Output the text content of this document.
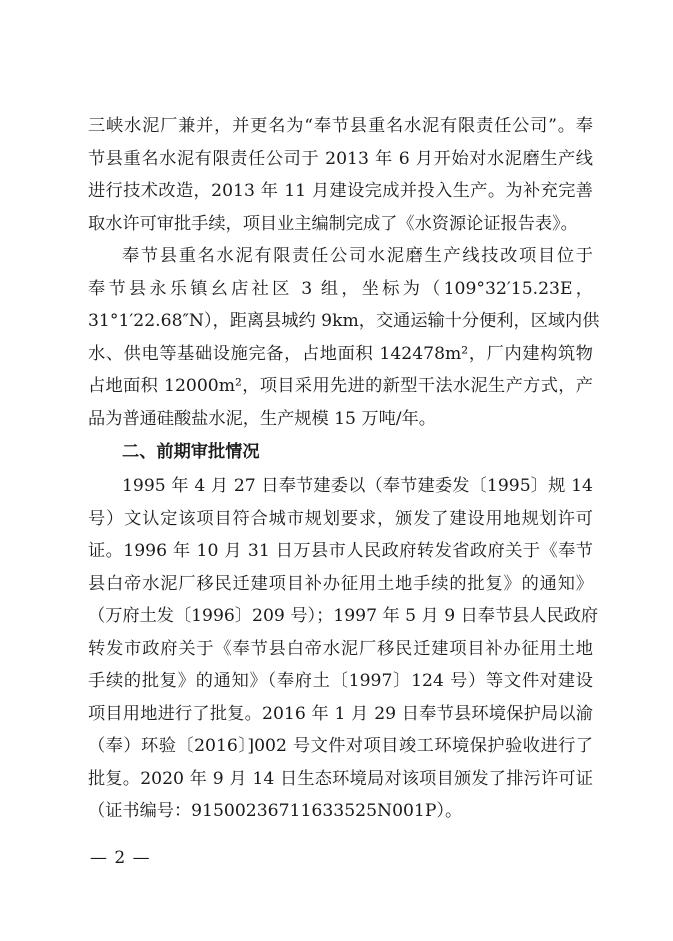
三峡水泥厂兼并，并更名为“奉节县重名水泥有限责任公司”。奉
节县重名水泥有限责任公司于 2013 年 6 月开始对水泥磨生产线
进行技术改造，2013 年 11 月建设完成并投入生产。为补充完善
取水许可审批手续，项目业主编制完成了《水资源论证报告表》。
奉节县重名水泥有限责任公司水泥磨生产线技改项目位于
奉节县永乐镇幺店社区 3 组，坐标为（109°32′15.23E，
31°1′22.68″N），距离县城约 9km，交通运输十分便利，区域内供
水、供电等基础设施完备，占地面积 142478m²，厂内建构筑物
占地面积 12000m²，项目采用先进的新型干法水泥生产方式，产
品为普通硅酸盐水泥，生产规模 15 万吨/年。
二、前期审批情况
1995 年 4 月 27 日奉节建委以（奉节建委发〔1995〕规 14
号）文认定该项目符合城市规划要求，颁发了建设用地规划许可
证。1996 年 10 月 31 日万县市人民政府转发省政府关于《奉节
县白帝水泥厂移民迁建项目补办征用土地手续的批复》的通知》
（万府土发〔1996〕209 号）；1997 年 5 月 9 日奉节县人民政府
转发市政府关于《奉节县白帝水泥厂移民迁建项目补办征用土地
手续的批复》的通知》（奉府土〔1997〕124 号）等文件对建设
项目用地进行了批复。2016 年 1 月 29 日奉节县环境保护局以渝
（奉）环验〔2016〕]002 号文件对项目竣工环境保护验收进行了
批复。2020 年 9 月 14 日生态环境局对该项目颁发了排污许可证
（证书编号：91500236711633525N001P）。
— 2 —
